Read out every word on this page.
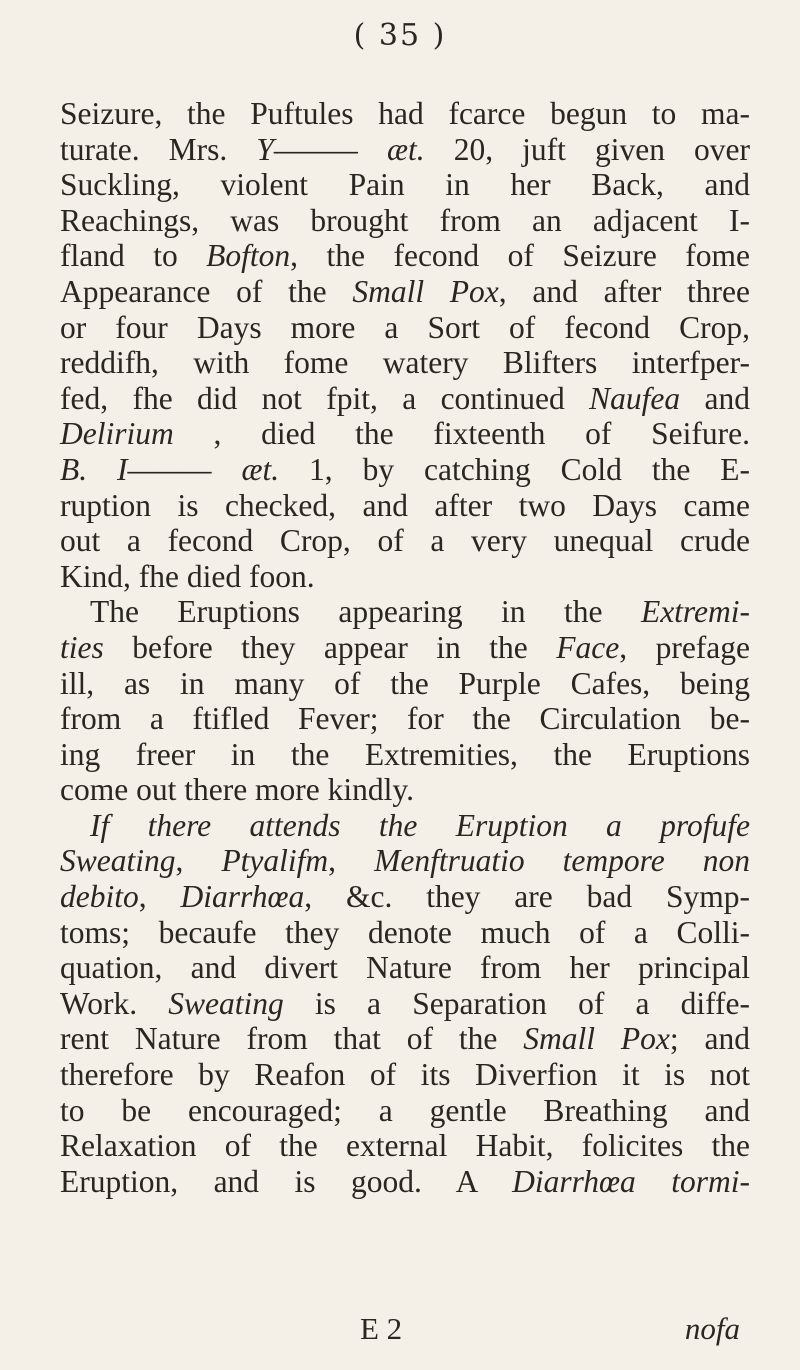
( 35 )
Seizure, the Puftules had fcarce begun to ma-
turate. Mrs. Y——— æt. 20, juft given over
Suckling, violent Pain in her Back, and
Reachings, was brought from an adjacent I-
fland to Bofton, the fecond of Seizure fome
Appearance of the Small Pox, and after three
or four Days more a Sort of fecond Crop,
reddifh, with fome watery Blifters interfper-
fed, fhe did not fpit, a continued Naufea and
Delirium , died the fixteenth of Seifure.
B. I——— æt. 1, by catching Cold the E-
ruption is checked, and after two Days came
out a fecond Crop, of a very unequal crude
Kind, fhe died foon.
The Eruptions appearing in the Extremi-
ties before they appear in the Face, prefage
ill, as in many of the Purple Cafes, being
from a ftifled Fever; for the Circulation be-
ing freer in the Extremities, the Eruptions
come out there more kindly.
If there attends the Eruption a profufe
Sweating, Ptyalifm, Menftruatio tempore non
debito, Diarrhœa, &c. they are bad Symp-
toms; becaufe they denote much of a Colli-
quation, and divert Nature from her principal
Work. Sweating is a Separation of a diffe-
rent Nature from that of the Small Pox; and
therefore by Reafon of its Diverfion it is not
to be encouraged; a gentle Breathing and
Relaxation of the external Habit, folicites the
Eruption, and is good. A Diarrhœa tormi-
E 2	nofa
